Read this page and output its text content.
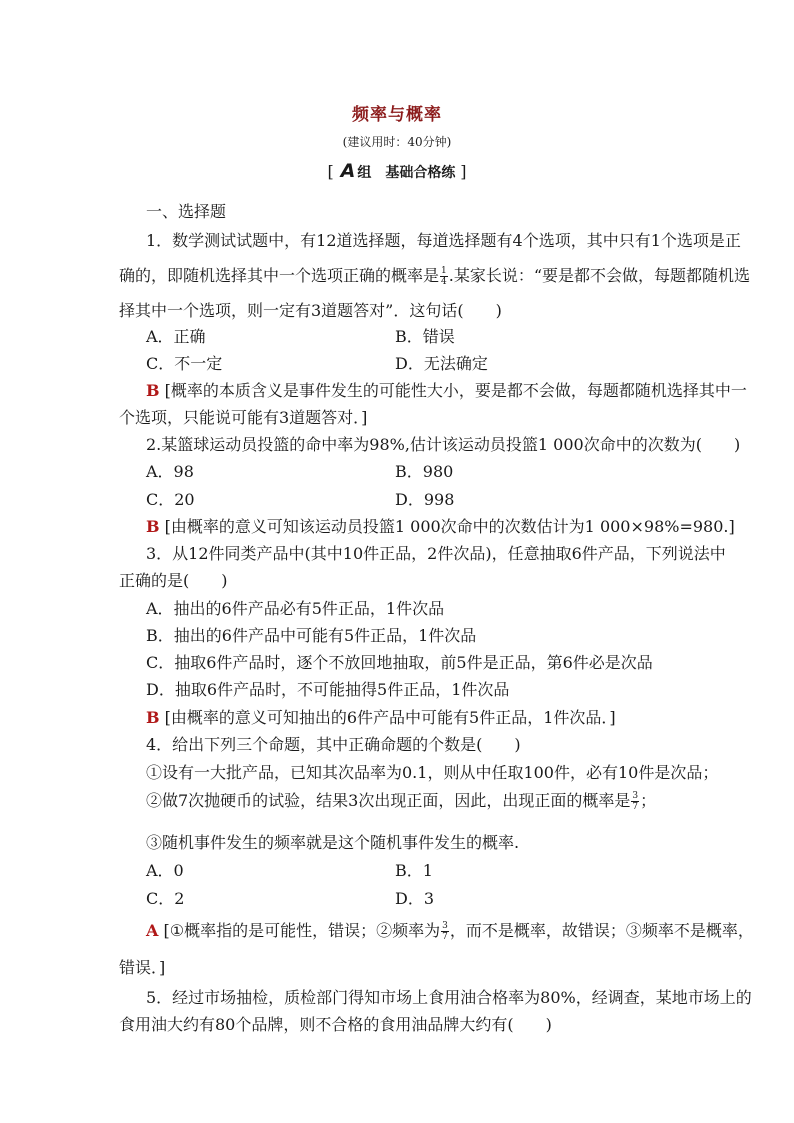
频率与概率
(建议用时：40分钟)
[ A 组　基础合格练 ]
一、选择题
1．数学测试试题中，有12道选择题，每道选择题有4个选项，其中只有1个选项是正
确的，即随机选择其中一个选项正确的概率是 $\frac{1}{4}$ .某家长说：“要是都不会做，每题都随机选
择其中一个选项，则一定有3道题答对”．这句话(　　)
A．正确	B．错误
C．不一定	D．无法确定
B [概率的本质含义是事件发生的可能性大小，要是都不会做，每题都随机选择其中一
个选项，只能说可能有3道题答对．]
2.某篮球运动员投篮的命中率为98%,估计该运动员投篮1 000次命中的次数为(　　)
A．98	B．980
C．20	D．998
B [由概率的意义可知该运动员投篮1 000次命中的次数估计为1 000×98%=980.]
3．从12件同类产品中(其中10件正品，2件次品)，任意抽取6件产品，下列说法中
正确的是(　　)
A．抽出的6件产品必有5件正品，1件次品
B．抽出的6件产品中可能有5件正品，1件次品
C．抽取6件产品时，逐个不放回地抽取，前5件是正品，第6件必是次品
D．抽取6件产品时，不可能抽得5件正品，1件次品
B [由概率的意义可知抽出的6件产品中可能有5件正品，1件次品．]
4．给出下列三个命题，其中正确命题的个数是(　　)
①设有一大批产品，已知其次品率为0.1，则从中任取100件，必有10件是次品；
②做7次抛硬币的试验，结果3次出现正面，因此，出现正面的概率是 $\frac{3}{7}$ ；
③随机事件发生的频率就是这个随机事件发生的概率.
A．0	B．1
C．2	D．3
A [①概率指的是可能性，错误；②频率为 $\frac{3}{7}$ ，而不是概率，故错误；③频率不是概率，
错误．]
5．经过市场抽检，质检部门得知市场上食用油合格率为80%，经调查，某地市场上的
食用油大约有80个品牌，则不合格的食用油品牌大约有(　　)
